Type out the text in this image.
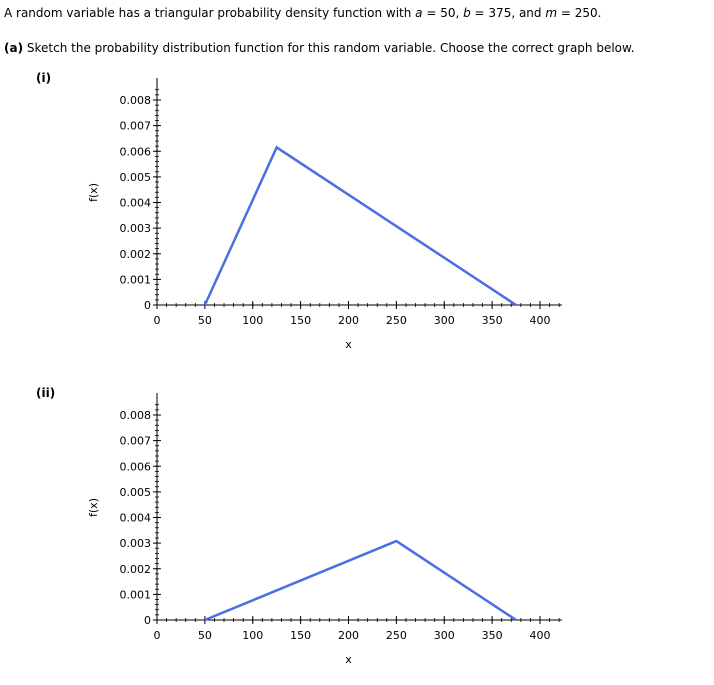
A random variable has a triangular probability density function with a = 50, b = 375, and m = 250.
(a) Sketch the probability distribution function for this random variable. Choose the correct graph below.
(i)
0
0.001
0.002
0.003
0.004
0.005
0.006
0.007
0.008
0	50	100 150 200 250 300 350 400
x
f(x)
(ii)
0
0.001
0.002
0.003
0.004
0.005
0.006
0.007
0.008
0	50	100 150 200 250 300 350 400
x
f(x)
